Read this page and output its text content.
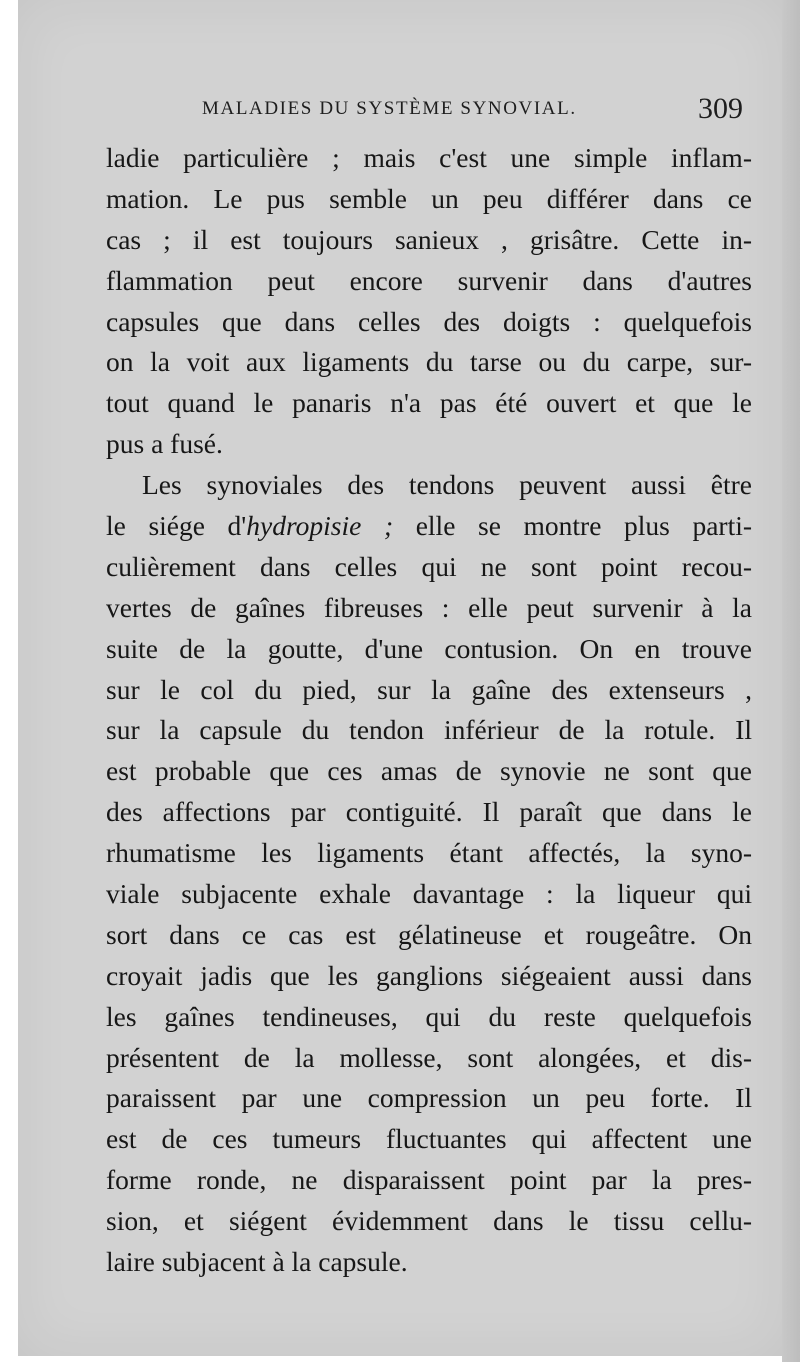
MALADIES DU SYSTÈME SYNOVIAL.	309
ladie particulière ; mais c'est une simple inflam-
mation. Le pus semble un peu différer dans ce
cas ; il est toujours sanieux , grisâtre. Cette in-
flammation peut encore survenir dans d'autres
capsules que dans celles des doigts : quelquefois
on la voit aux ligaments du tarse ou du carpe, sur-
tout quand le panaris n'a pas été ouvert et que le
pus a fusé.
Les synoviales des tendons peuvent aussi être
le siége d'hydropisie ; elle se montre plus parti-
culièrement dans celles qui ne sont point recou-
vertes de gaînes fibreuses : elle peut survenir à la
suite de la goutte, d'une contusion. On en trouve
sur le col du pied, sur la gaîne des extenseurs ,
sur la capsule du tendon inférieur de la rotule. Il
est probable que ces amas de synovie ne sont que
des affections par contiguité. Il paraît que dans le
rhumatisme les ligaments étant affectés, la syno-
viale subjacente exhale davantage : la liqueur qui
sort dans ce cas est gélatineuse et rougeâtre. On
croyait jadis que les ganglions siégeaient aussi dans
les gaînes tendineuses, qui du reste quelquefois
présentent de la mollesse, sont alongées, et dis-
paraissent par une compression un peu forte. Il
est de ces tumeurs fluctuantes qui affectent une
forme ronde, ne disparaissent point par la pres-
sion, et siégent évidemment dans le tissu cellu-
laire subjacent à la capsule.
